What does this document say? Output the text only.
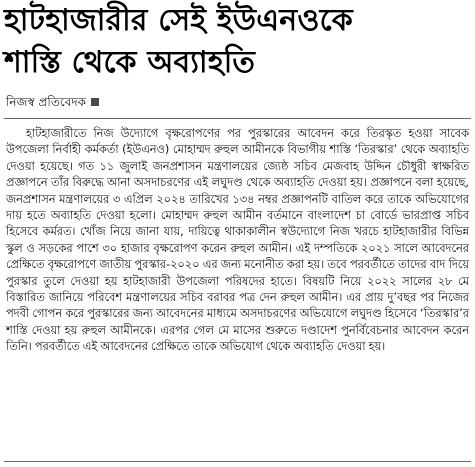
হাটহাজারীর সেই ইউএনওকে
শাস্তি থেকে অব্যাহতি
নিজস্ব প্রতিবেদক

হাটহাজারীতে নিজ উদ্যোগে বৃক্ষরোপণের পর পুরস্কারের আবেদন করে তিরস্কৃত হওয়া সাবেক উপজেলা নির্বাহী কর্মকর্তা (ইউএনও) মোহাম্মদ রুহুল আমীনকে বিভাগীয় শাস্তি ‘তিরস্কার’ থেকে অব্যাহতি দেওয়া হয়েছে। গত ১১ জুলাই জনপ্রশাসন মন্ত্রণালয়ের জ্যেষ্ঠ সচিব মেজবাহ উদ্দিন চৌধুরী স্বাক্ষরিত প্রজ্ঞাপনে তাঁর বিরুদ্ধে আনা অসদাচরণের এই লঘুদণ্ড থেকে অব্যাহতি দেওয়া হয়। প্রজ্ঞাপনে বলা হয়েছে, জনপ্রশাসন মন্ত্রণালয়ের ৩ এপ্রিল ২০২৪ তারিখের ১৩৪ নম্বর প্রজ্ঞাপনটি বাতিল করে তাকে অভিযোগের দায় হতে অব্যাহতি দেওয়া হলো। মোহাম্মদ রুহুল আমীন বর্তমানে বাংলাদেশ চা বোর্ডে ভারপ্রাপ্ত সচিব হিসেবে কর্মরত। খোঁজ নিয়ে জানা যায়, দায়িত্বে থাকাকালীন স্বউদ্যোগে নিজ খরচে হাটহাজারীর বিভিন্ন স্কুল ও সড়কের পাশে ৩০ হাজার বৃক্ষরোপণ করেন রুহুল আমীন। এই দম্পতিকে ২০২১ সালে আবেদনের প্রেক্ষিতে বৃক্ষরোপণে জাতীয় পুরস্কার-২০২০ এর জন্য মনোনীত করা হয়। তবে পরবর্তীতে তাদের বাদ দিয়ে পুরস্কার তুলে দেওয়া হয় হাটহাজারী উপজেলা পরিষদের হাতে। বিষয়টি নিয়ে ২০২২ সালের ২৮ মে বিস্তারিত জানিয়ে পরিবেশ মন্ত্রণালয়ের সচিব বরাবর পত্র দেন রুহুল আমীন। এর প্রায় দু’বছর পর নিজের পদবী গোপন করে পুরস্কারের জন্য আবেদনের মাধ্যমে অসদাচরণের অভিযোগে লঘুদণ্ড হিসেবে ‘তিরস্কার’র শাস্তি দেওয়া হয় রুহুল আমীনকে। এরপর গেল মে মাসের শুরুতে দণ্ডাদেশ পুনর্বিবেচনার আবেদন করেন তিনি। পরবর্তীতে এই আবেদনের প্রেক্ষিতে তাকে অভিযোগ থেকে অব্যাহতি দেওয়া হয়।
